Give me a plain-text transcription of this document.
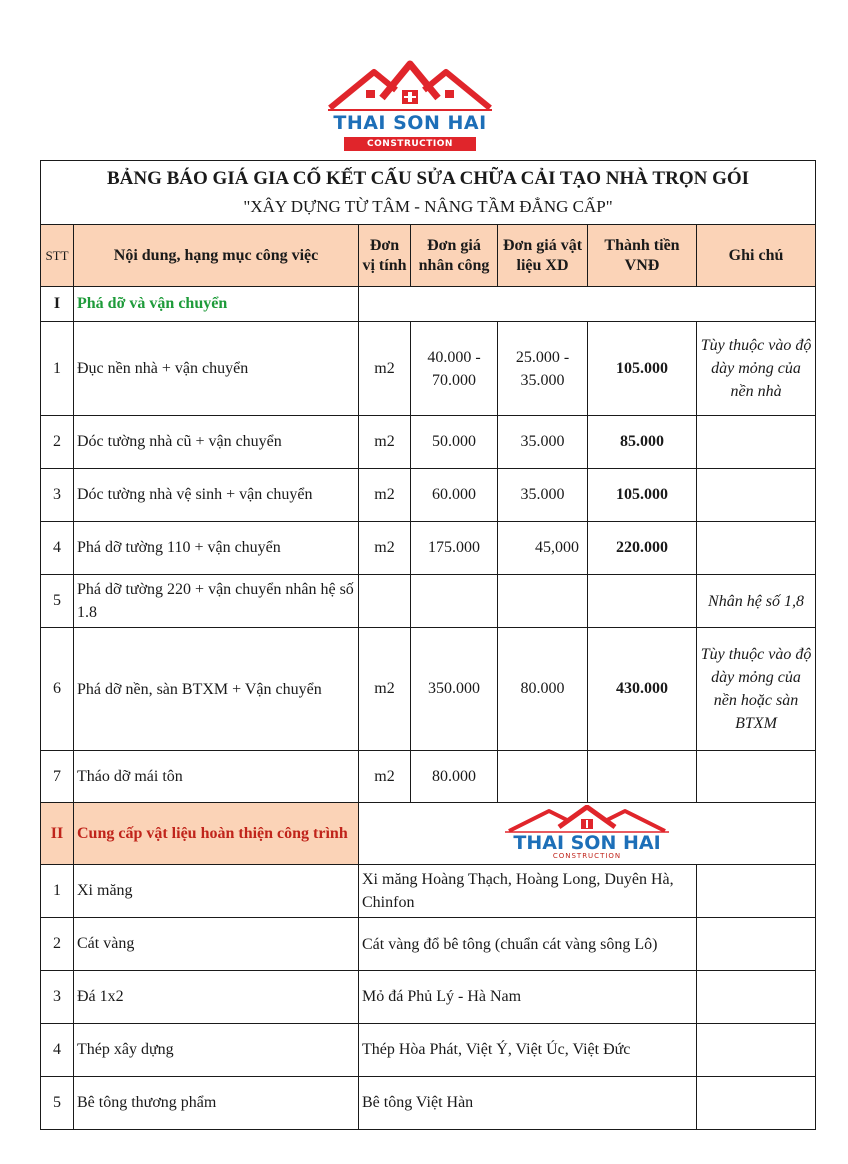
THAI SON HAI
CONSTRUCTION
BẢNG BÁO GIÁ GIA CỐ KẾT CẤU SỬA CHỮA CẢI TẠO NHÀ TRỌN GÓI
"XÂY DỰNG TỪ TÂM - NÂNG TẦM ĐẲNG CẤP"						

STT	Nội dung, hạng mục công việc	Đơn vị tính	Đơn giá nhân công	Đơn giá vật liệu XD	Thành tiền VNĐ	Ghi chú
I	Phá dỡ và vận chuyển					
1	Đục nền nhà + vận chuyển	m2	40.000 - 70.000	25.000 - 35.000	105.000	Tùy thuộc vào độ dày mỏng của nền nhà
2	Dóc tường nhà cũ + vận chuyển	m2	50.000	35.000	85.000	
3	Dóc tường nhà vệ sinh + vận chuyển	m2	60.000	35.000	105.000	
4	Phá dỡ tường 110 + vận chuyển	m2	175.000	45,000	220.000	
5	Phá dỡ tường 220 + vận chuyển nhân hệ số 1.8					Nhân hệ số 1,8
6	Phá dỡ nền, sàn BTXM + Vận chuyển	m2	350.000	80.000	430.000	Tùy thuộc vào độ dày mỏng của nền hoặc sàn BTXM
7	Tháo dỡ mái tôn	m2	80.000			
II	Cung cấp vật liệu hoàn thiện công trình	THAI SON HAI
CONSTRUCTION				

1	Xi măng	Xi măng Hoàng Thạch, Hoàng Long, Duyên Hà, Chinfon				
2	Cát vàng	Cát vàng đổ bê tông (chuẩn cát vàng sông Lô)				
3	Đá 1x2	Mỏ đá Phủ Lý - Hà Nam				
4	Thép xây dựng	Thép Hòa Phát, Việt Ý, Việt Úc, Việt Đức				
5	Bê tông thương phẩm	Bê tông Việt Hàn				
